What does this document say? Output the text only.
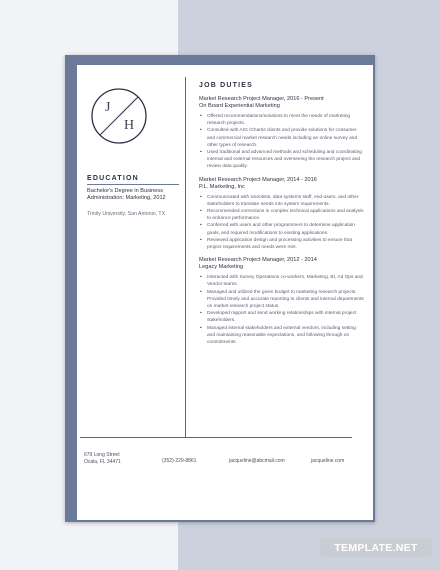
J
H
EDUCATION
Bachelor's Degree in Business Administration: Marketing, 2012
Trinity University, San Antonio, TX
JOB DUTIES
Market Research Project Manager, 2016 - Present
On Board Experiential Marketing
• Offered recommendations/solutions to meet the needs of marketing research projects.
• Consulted with AIG /Chartis clients and provide solutions for consumer and commercial market research needs including an online survey and other types of research.
• Used traditional and advanced methods and scheduling and coordinating internal and external resources and overseeing the research project and review data quality.
Market Research Project Manager, 2014 - 2016
P.L. Marketing, Inc
• Communicated with scientists, data systems staff, end-users, and other stakeholders to translate needs into system requirements.
• Recommended corrections in complex technical applications and analysis to enhance performance.
• Conferred with users and other programmers to determine application goals, and required modifications to existing applications.
• Reviewed application design and processing activities to ensure that project requirements and needs were met.
Market Research Project Manager, 2012 - 2014
Legacy Marketing
• Interacted with Survey Operations co-workers, Marketing, BI, Ad Ops and Vendor teams.
• Managed and utilized the given budget to marketing research projects. Provided timely and accurate reporting to clients and internal departments on market research project status.
• Developed rapport and send working relationships with internal project stakeholders.
• Managed internal stakeholders and external vendors, including setting and maintaining reasonable expectations, and following through on commitments.
679 Long Street
Ocala, FL 34471	(352)-229-8861	jacqueline@abcmail.com	jacqueline.com
TEMPLATE.NET
